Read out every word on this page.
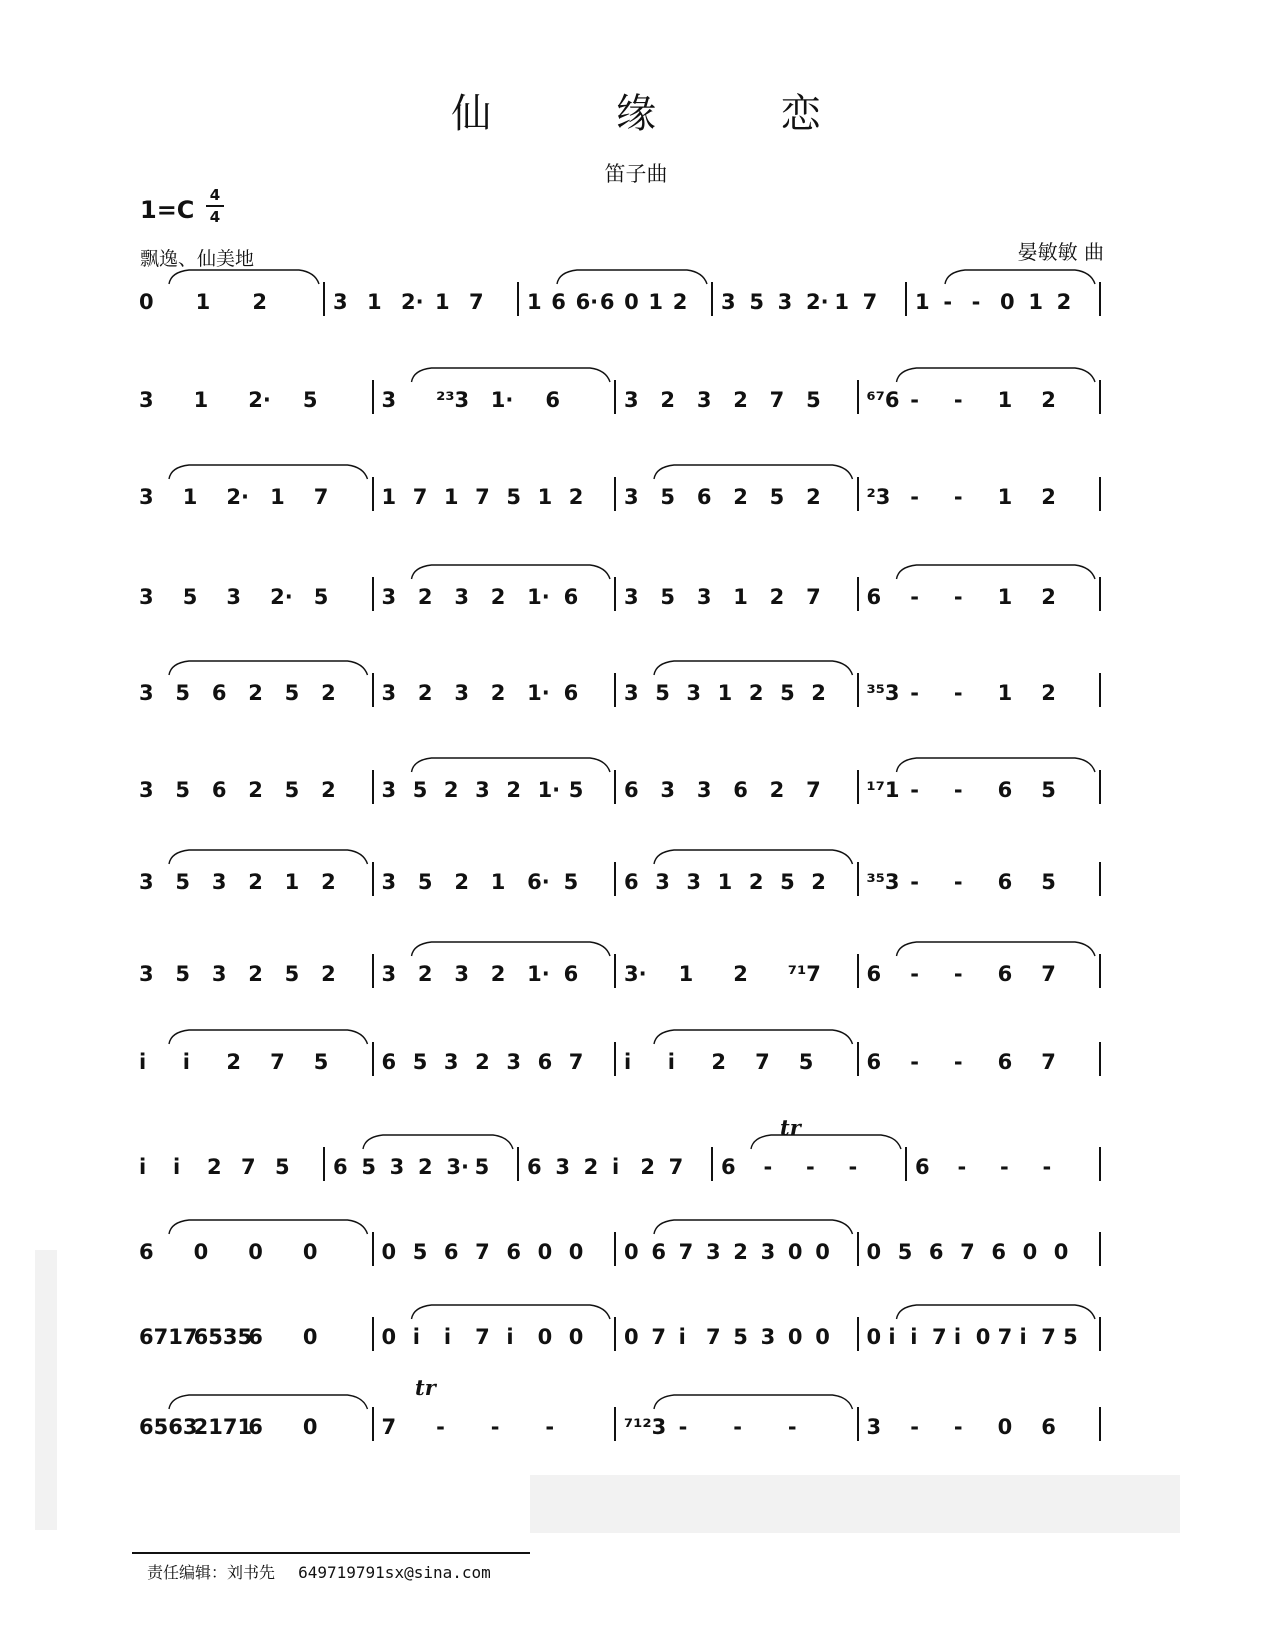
仙 缘 恋
笛子曲
1=C
4
4
飘逸、仙美地	晏敏敏 曲
0 1 2	3 1 2· 1 7 1 6 6· 6 0 1 2 3 5 3 2· 1 7 1 - - 0 1 2
3 1 2· 5	3 ²³3 1· 6	3 2 3 2 7 5 ⁶⁷6 - - 1 2
3 1 2· 1 7	1 7 1 7 5 1 2 3 5 6 2 5 2 ²3 - - 1 2
3 5 3 2· 5	3 2 3 2 1· 6 3 5 3 1 2 7 6 - - 1 2
3 5 6 2 5 2 3 2 3 2 1· 6 3 5 3 1 2 5 2 ³⁵3 - - 1 2
3 5 6 2 5 2 3 5 2 3 2 1· 5 6 3 3 6 2 7 ¹⁷1 - - 6 5
3 5 3 2 1 2 3 5 2 1 6· 5 6 3 3 1 2 5 2 ³⁵3 - - 6 5
3 5 3 2 5 2 3 2 3 2 1· 6 3· 1 2 ⁷¹7 6 - - 6 7
i i 2 7 5	6 5 3 2 3 6 7 i i 2 7 5	6 - - 6 7
i i 2 7 5 6 5 3 2 3· 5 6 3 2 i 2 7 6 - - -	6 - - -
tr
6 0 0 0	0 5 6 7 6 0 0 0 6 7 3 2 3 0 0 0 5 6 7 6 0 0
6717
6535
6 0	0 i i 7 i 0 0 0 7 i 7 5 3 0 0 0 i i 7 i 0 7 i 7 5
6563
2171
6 0	7 - - -	⁷¹²3 - - -	3 - - 0 6
tr
责任编辑：刘书先 649719791sx@sina.com
